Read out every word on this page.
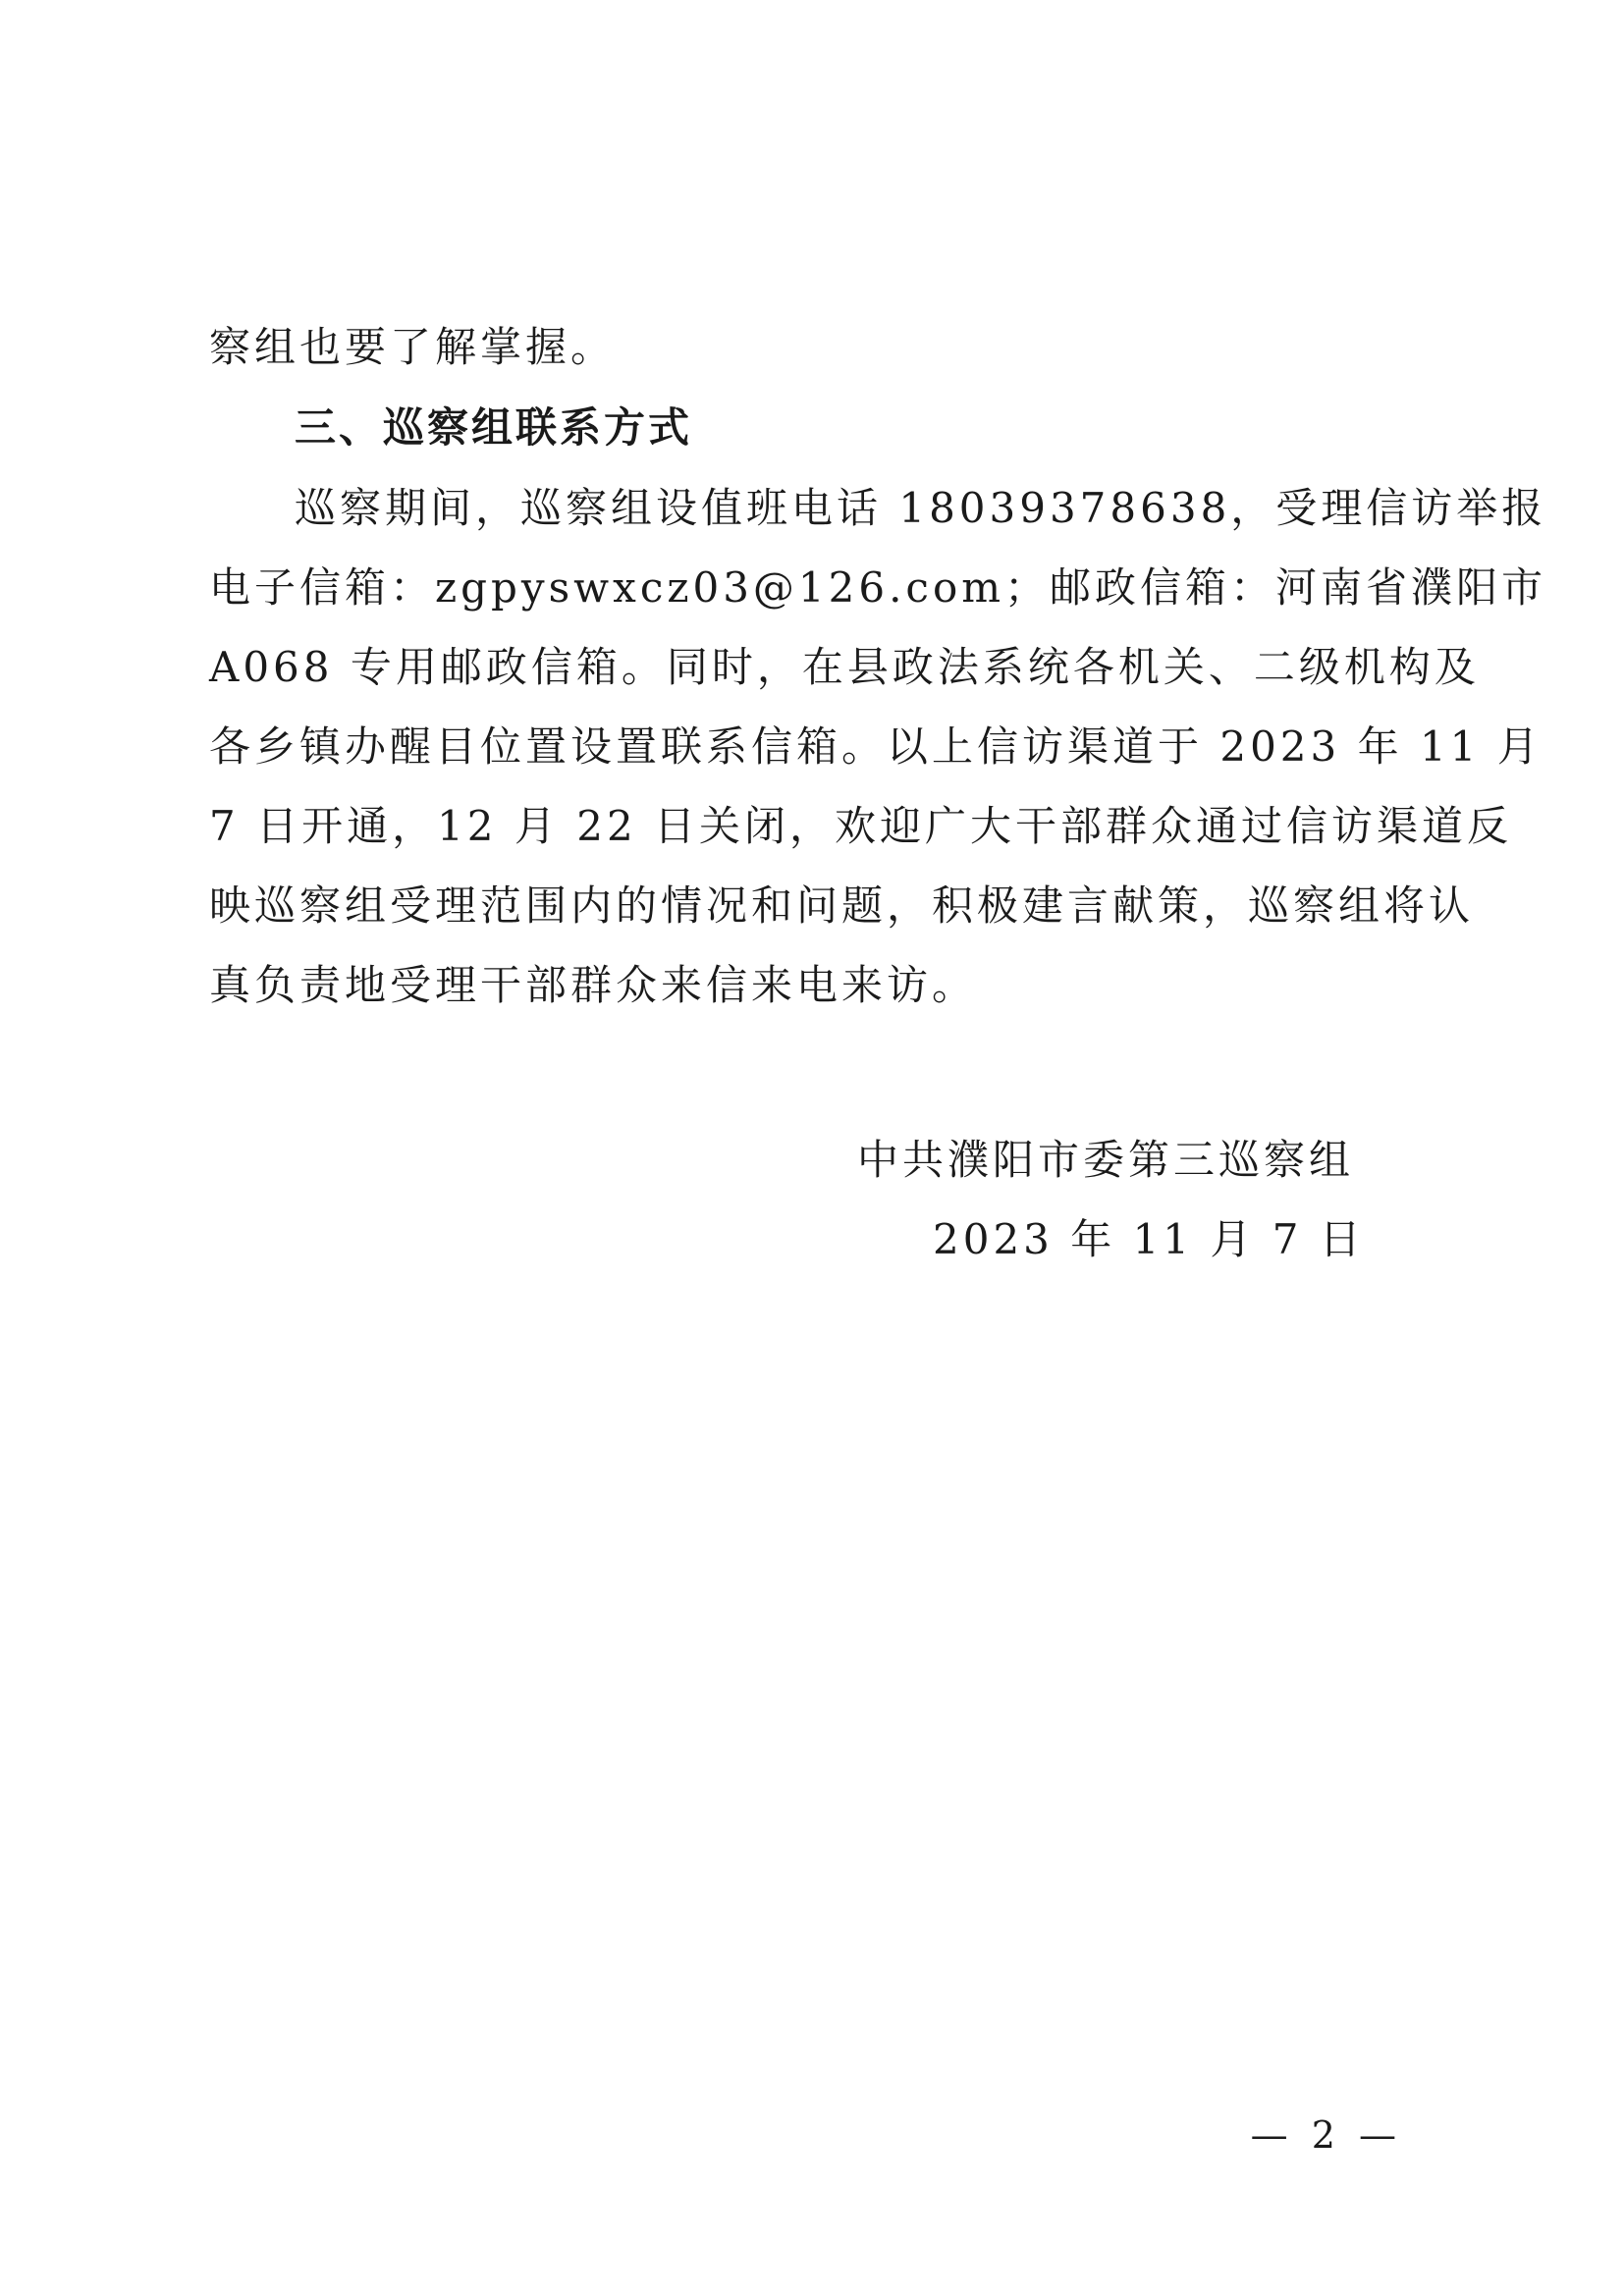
察组也要了解掌握。
三、巡察组联系方式
巡察期间，巡察组设值班电话 18039378638，受理信访举报
电子信箱：zgpyswxcz03@126.com；邮政信箱：河南省濮阳市
A068 专用邮政信箱。同时，在县政法系统各机关、二级机构及
各乡镇办醒目位置设置联系信箱。以上信访渠道于 2023 年 11 月
7 日开通，12 月 22 日关闭，欢迎广大干部群众通过信访渠道反
映巡察组受理范围内的情况和问题，积极建言献策，巡察组将认
真负责地受理干部群众来信来电来访。
中共濮阳市委第三巡察组
2023 年 11 月 7 日
— 2 —
